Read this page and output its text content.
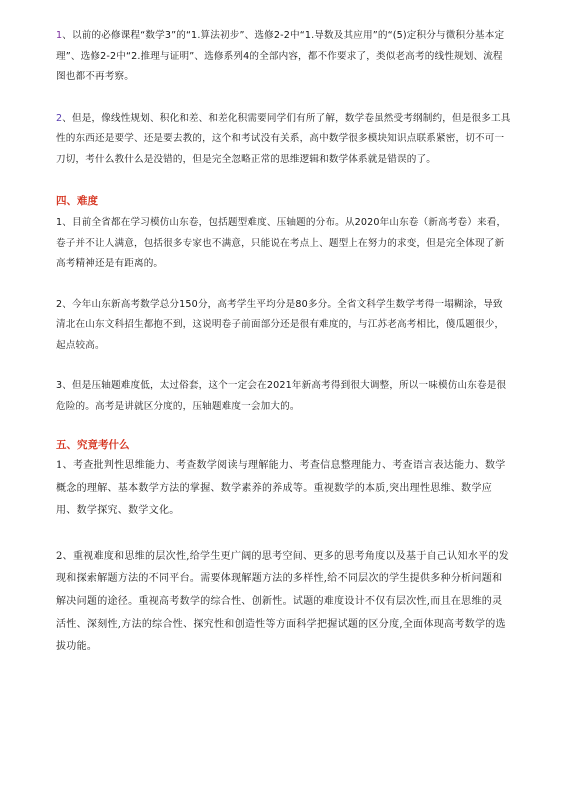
1、以前的必修课程“数学3”的“1.算法初步”、选修2-2中“1.导数及其应用”的“(5)定积分与微积分基本定理”、选修2-2中“2.推理与证明”、选修系列4的全部内容，都不作要求了，类似老高考的线性规划、流程图也都不再考察。

2、但是，像线性规划、积化和差、和差化积需要同学们有所了解，数学卷虽然受考纲制约，但是很多工具性的东西还是要学、还是要去教的，这个和考试没有关系，高中数学很多模块知识点联系紧密，切不可一刀切，考什么教什么是没错的，但是完全忽略正常的思维逻辑和数学体系就是错误的了。

四、难度

1、目前全省都在学习模仿山东卷，包括题型难度、压轴题的分布。从2020年山东卷（新高考卷）来看，卷子并不让人满意，包括很多专家也不满意，只能说在考点上、题型上在努力的求变，但是完全体现了新高考精神还是有距离的。

2、今年山东新高考数学总分150分，高考学生平均分是80多分。全省文科学生数学考得一塌糊涂，导致清北在山东文科招生都抱不到，这说明卷子前面部分还是很有难度的，与江苏老高考相比，傻瓜题很少，起点较高。

3、但是压轴题难度低，太过俗套，这个一定会在2021年新高考得到很大调整，所以一味模仿山东卷是很危险的。高考是讲就区分度的，压轴题难度一会加大的。

五、究竟考什么

1、考查批判性思维能力、考查数学阅读与理解能力、考查信息整理能力、考查语言表达能力、数学概念的理解、基本数学方法的掌握、数学素养的养成等。重视数学的本质,突出理性思维、数学应用、数学探究、数学文化。

2、重视难度和思维的层次性,给学生更广阔的思考空间、更多的思考角度以及基于自己认知水平的发现和探索解题方法的不同平台。需要体现解题方法的多样性,给不同层次的学生提供多种分析问题和解决问题的途径。重视高考数学的综合性、创新性。试题的难度设计不仅有层次性,而且在思维的灵活性、深刻性,方法的综合性、探究性和创造性等方面科学把握试题的区分度,全面体现高考数学的选拔功能。
